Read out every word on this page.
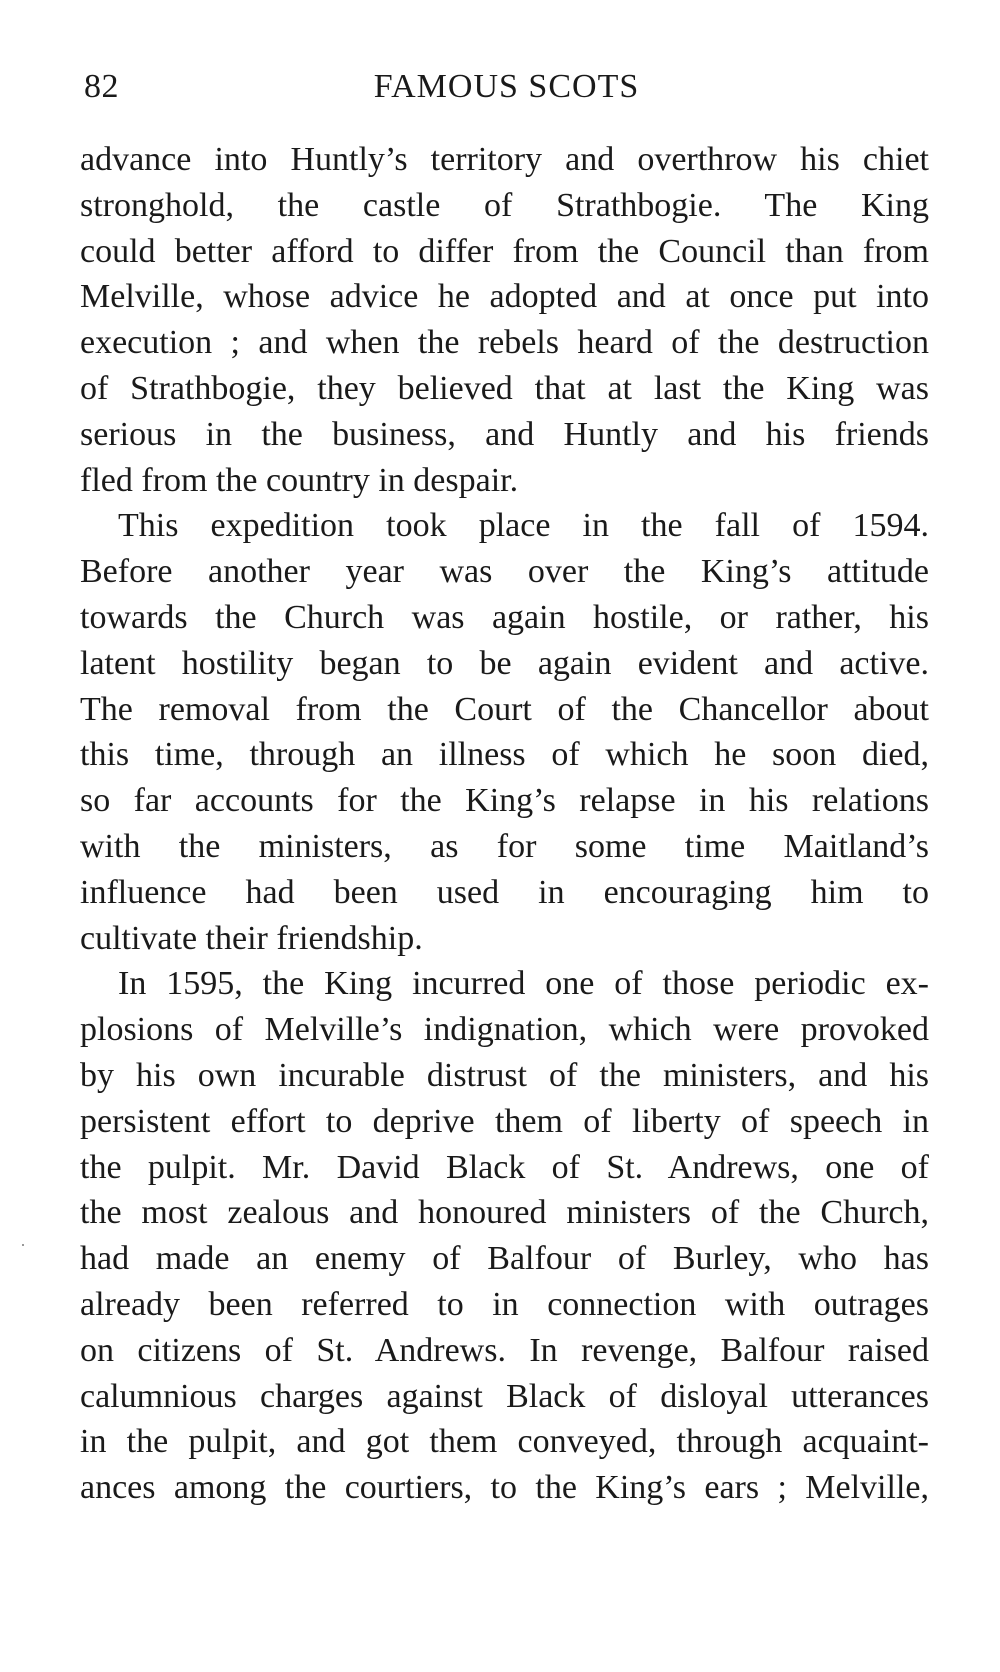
82	FAMOUS SCOTS
advance into Huntly’s territory and overthrow his chiet
stronghold, the castle of Strathbogie. The King
could better afford to differ from the Council than from
Melville, whose advice he adopted and at once put into
execution ; and when the rebels heard of the destruction
of Strathbogie, they believed that at last the King was
serious in the business, and Huntly and his friends
fled from the country in despair.
This expedition took place in the fall of 1594.
Before another year was over the King’s attitude
towards the Church was again hostile, or rather, his
latent hostility began to be again evident and active.
The removal from the Court of the Chancellor about
this time, through an illness of which he soon died,
so far accounts for the King’s relapse in his relations
with the ministers, as for some time Maitland’s
influence had been used in encouraging him to
cultivate their friendship.
In 1595, the King incurred one of those periodic ex-
plosions of Melville’s indignation, which were provoked
by his own incurable distrust of the ministers, and his
persistent effort to deprive them of liberty of speech in
the pulpit. Mr. David Black of St. Andrews, one of
the most zealous and honoured ministers of the Church,
had made an enemy of Balfour of Burley, who has
already been referred to in connection with outrages
on citizens of St. Andrews. In revenge, Balfour raised
calumnious charges against Black of disloyal utterances
in the pulpit, and got them conveyed, through acquaint-
ances among the courtiers, to the King’s ears ; Melville,
